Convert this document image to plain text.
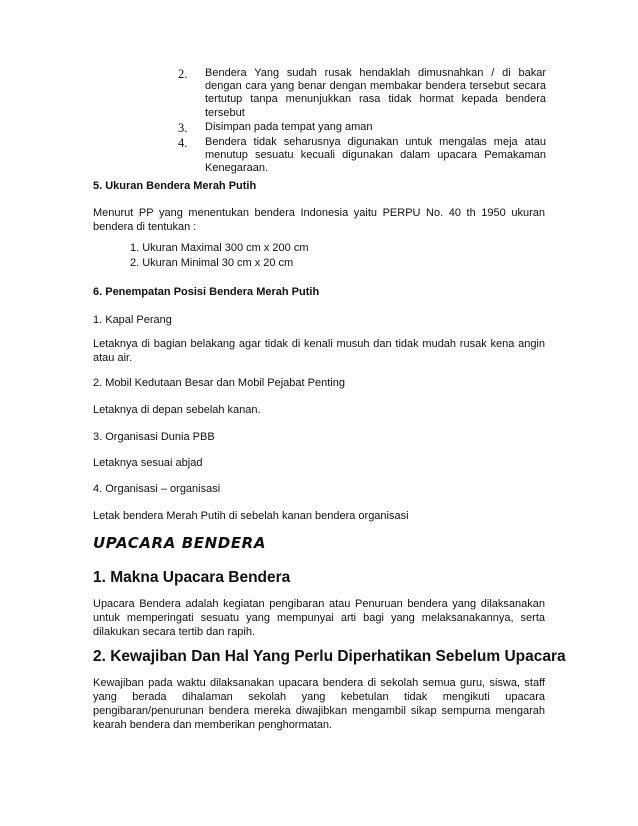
2.	Bendera Yang sudah rusak hendaklah dimusnahkan / di bakar dengan cara yang benar dengan membakar bendera tersebut secara tertutup tanpa menunjukkan rasa tidak hormat kepada bendera tersebut
3.	Disimpan pada tempat yang aman
4.	Bendera tidak seharusnya digunakan untuk mengalas meja atau menutup sesuatu kecuali digunakan dalam upacara Pemakaman Kenegaraan.
5. Ukuran Bendera Merah Putih
Menurut PP yang menentukan bendera Indonesia yaitu PERPU No. 40 th 1950 ukuran bendera di tentukan :
1. Ukuran Maximal 300 cm x 200 cm
2. Ukuran Minimal 30 cm x 20 cm
6. Penempatan Posisi Bendera Merah Putih
1. Kapal Perang
Letaknya di bagian belakang agar tidak di kenali musuh dan tidak mudah rusak kena angin atau air.
2. Mobil Kedutaan Besar dan Mobil Pejabat Penting
Letaknya di depan sebelah kanan.
3. Organisasi Dunia PBB
Letaknya sesuai abjad
4. Organisasi – organisasi
Letak bendera Merah Putih di sebelah kanan bendera organisasi
UPACARA BENDERA
1. Makna Upacara Bendera
Upacara Bendera adalah kegiatan pengibaran atau Penuruan bendera yang dilaksanakan untuk memperingati sesuatu yang mempunyai arti bagi yang melaksanakannya, serta dilakukan secara tertib dan rapih.
2. Kewajiban Dan Hal Yang Perlu Diperhatikan Sebelum Upacara
Kewajiban pada waktu dilaksanakan upacara bendera di sekolah semua guru, siswa, staff yang berada dihalaman sekolah yang kebetulan tidak mengikuti upacara pengibaran/penurunan bendera mereka diwajibkan mengambil sikap sempurna mengarah kearah bendera dan memberikan penghormatan.
